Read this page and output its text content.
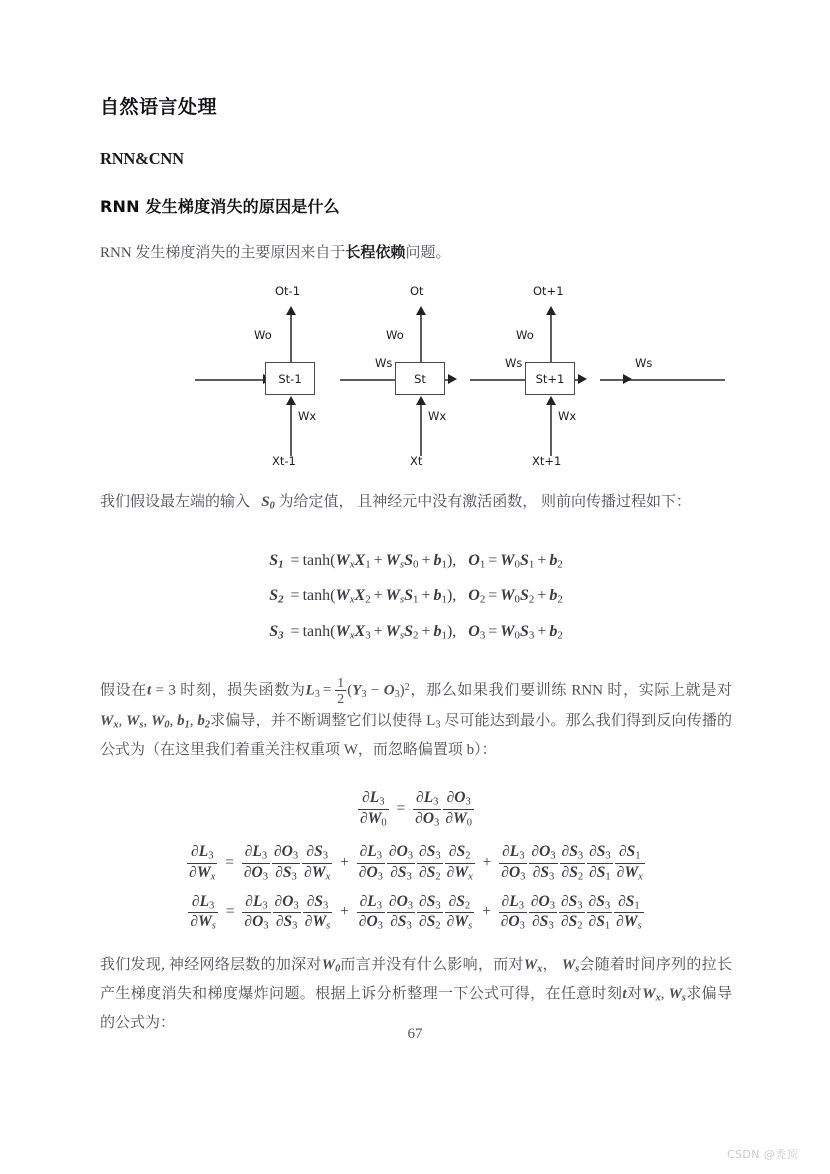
自然语言处理
RNN&CNN
RNN 发生梯度消失的原因是什么

RNN 发生梯度消失的主要原因来自于长程依赖问题。

Ot-1
Wo
St-1
Wx
Xt-1
Ws
Ot
Wo
St
Wx
Xt
Ws
Ot+1
Wo
St+1
Wx
Xt+1
Ws

我们假设最左端的输入 $S_0$ 为给定值， 且神经元中没有激活函数， 则前向传播过程如下：

$S_1 = \tanh(W_xX_1 + W_sS_0 + b_1)$,   $O_1 = W_0S_1 + b_2$
$S_2 = \tanh(W_xX_2 + W_sS_1 + b_1)$,   $O_2 = W_0S_2 + b_2$
$S_3 = \tanh(W_xX_3 + W_sS_2 + b_1)$,   $O_3 = W_0S_3 + b_2$

假设在t = 3 时刻，损失函数为$L_3 = \frac{1}{2} (Y_3 - O_3)^2$，那么如果我们要训练 RNN 时，实际上就是对$W_x$, $W_s$, $W_0$, $b_1$, $b_2$求偏导，并不断调整它们以使得 $L_3$ 尽可能达到最小。那么我们得到反向传播的公式为（在这里我们着重关注权重项 W，而忽略偏置项 b）：

$\frac{\partial L_3}{\partial W_0} = \frac{\partial L_3}{\partial O_3} \frac{\partial O_3}{\partial W_0}$
$\frac{\partial L_3}{\partial W_x} = \frac{\partial L_3}{\partial O_3} \frac{\partial O_3}{\partial S_3} \frac{\partial S_3}{\partial W_x} + \frac{\partial L_3}{\partial O_3} \frac{\partial O_3}{\partial S_3} \frac{\partial S_3}{\partial S_2} \frac{\partial S_2}{\partial W_x} + \frac{\partial L_3}{\partial O_3} \frac{\partial O_3}{\partial S_3} \frac{\partial S_3}{\partial S_2} \frac{\partial S_3}{\partial S_1} \frac{\partial S_1}{\partial W_x}$
$\frac{\partial L_3}{\partial W_s} = \frac{\partial L_3}{\partial O_3} \frac{\partial O_3}{\partial S_3} \frac{\partial S_3}{\partial W_s} + \frac{\partial L_3}{\partial O_3} \frac{\partial O_3}{\partial S_3} \frac{\partial S_3}{\partial S_2} \frac{\partial S_2}{\partial W_s} + \frac{\partial L_3}{\partial O_3} \frac{\partial O_3}{\partial S_3} \frac{\partial S_3}{\partial S_2} \frac{\partial S_3}{\partial S_1} \frac{\partial S_1}{\partial W_s}$

我们发现, 神经网络层数的加深对$W_0$而言并没有什么影响，而对$W_x$， $W_s$会随着时间序列的拉长产生梯度消失和梯度爆炸问题。根据上诉分析整理一下公式可得，在任意时刻t对$W_x$, $W_s$求偏导的公式为：

67
CSDN @秃顶
